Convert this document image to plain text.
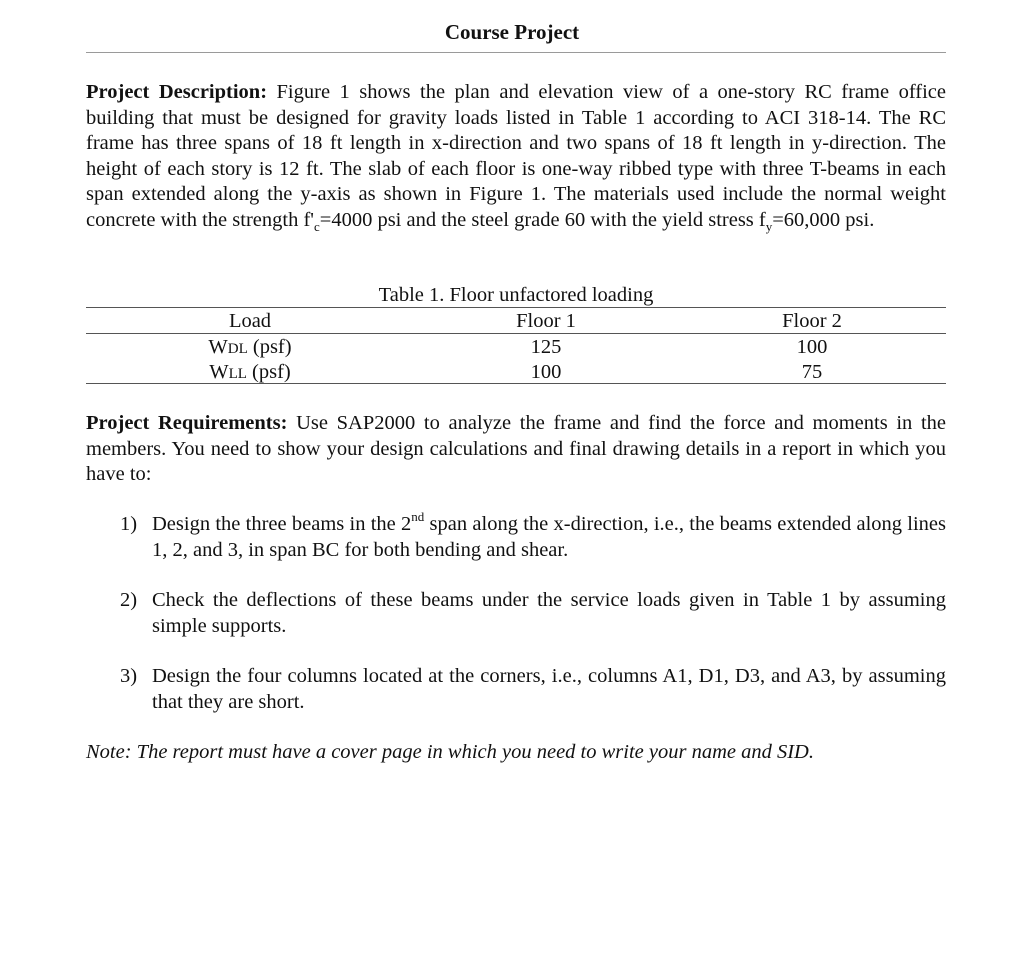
Course Project

Project Description: Figure 1 shows the plan and elevation view of a one-story RC frame office building that must be designed for gravity loads listed in Table 1 according to ACI 318-14. The RC frame has three spans of 18 ft length in x-direction and two spans of 18 ft length in y-direction. The height of each story is 12 ft. The slab of each floor is one-way ribbed type with three T-beams in each span extended along the y-axis as shown in Figure 1. The materials used include the normal weight concrete with the strength $f'_c=4000$ psi and the steel grade 60 with the yield stress $f_y=60,000$ psi.

Table 1. Floor unfactored loading
Load	Floor 1	Floor 2
WDL (psf)	125	100
WLL (psf)	100	75

Project Requirements: Use SAP2000 to analyze the frame and find the force and moments in the members. You need to show your design calculations and final drawing details in a report in which you have to:

1) Design the three beams in the 2nd span along the x-direction, i.e., the beams extended along lines 1, 2, and 3, in span BC for both bending and shear.

2) Check the deflections of these beams under the service loads given in Table 1 by assuming simple supports.

3) Design the four columns located at the corners, i.e., columns A1, D1, D3, and A3, by assuming that they are short.

Note: The report must have a cover page in which you need to write your name and SID.
